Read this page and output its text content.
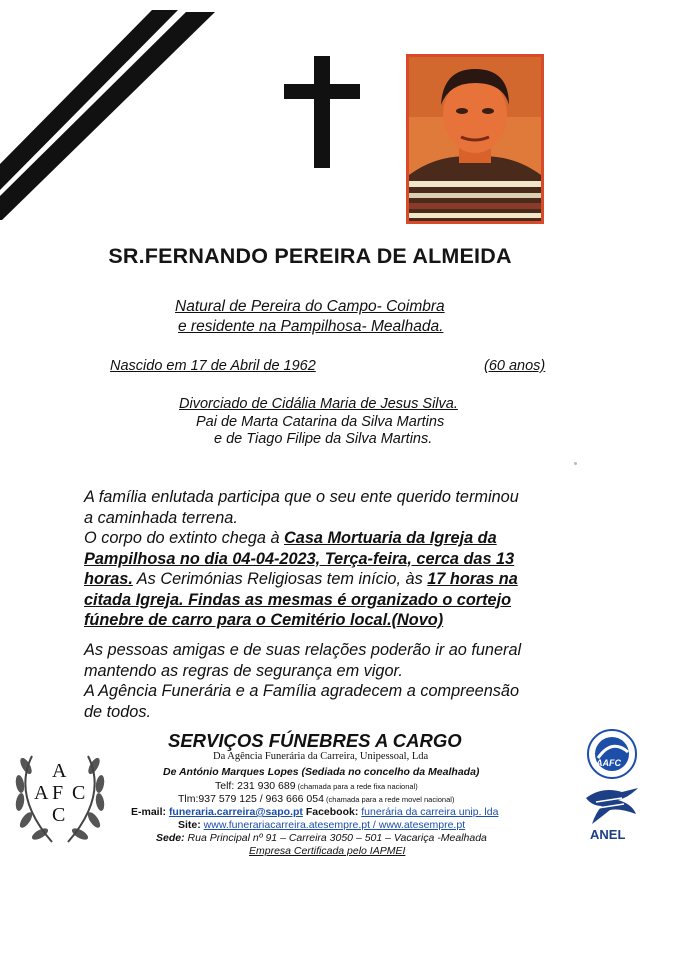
SR.FERNANDO PEREIRA DE ALMEIDA
Natural de Pereira do Campo- Coimbra
e residente na Pampilhosa- Mealhada.
Nascido em 17 de Abril de 1962	(60 anos)
Divorciado de Cidália Maria de Jesus Silva.
Pai de Marta Catarina da Silva Martins
e de Tiago Filipe da Silva Martins.
A família enlutada participa que o seu ente querido terminou
a caminhada terrena.
O corpo do extinto chega à Casa Mortuaria da Igreja da
Pampilhosa no dia 04-04-2023, Terça-feira, cerca das 13
horas. As Cerimónias Religiosas tem início, às 17 horas na
citada Igreja. Findas as mesmas é organizado o cortejo
fúnebre de carro para o Cemitério local.(Novo)
As pessoas amigas e de suas relações poderão ir ao funeral
mantendo as regras de segurança em vigor.
A Agência Funerária e a Família agradecem a compreensão
de todos.
A
A F C
C
SERVIÇOS FÚNEBRES A CARGO
Da Agência Funerária da Carreira, Unipessoal, Lda
De António Marques Lopes (Sediada no concelho da Mealhada)
Telf: 231 930 689 (chamada para a rede fixa nacional)
Tlm:937 579 125 / 963 666 054 (chamada para a rede movel nacional)
E-mail: funeraria.carreira@sapo.pt Facebook: funerária da carreira unip. lda
Site: www.funerariacarreira.atesempre.pt / www.atesempre.pt
Sede: Rua Principal nº 91 – Carreira 3050 – 501 – Vacariça -Mealhada
Empresa Certificada pelo IAPMEI
AAFC
ANEL
